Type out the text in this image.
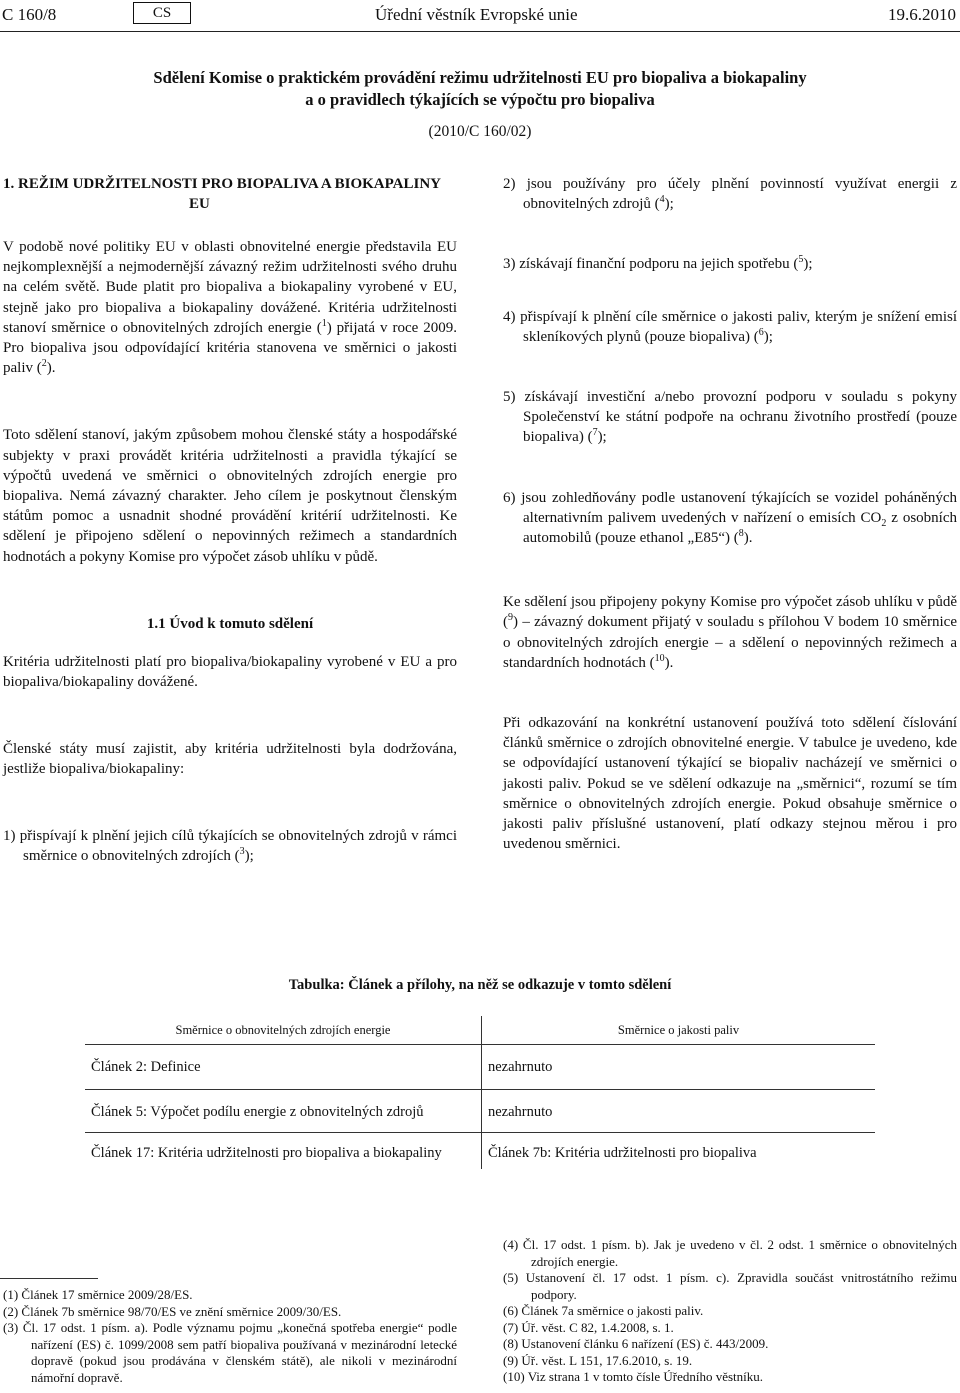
C 160/8	CS	Úřední věstník Evropské unie	19.6.2010
Sdělení Komise o praktickém provádění režimu udržitelnosti EU pro biopaliva a biokapaliny
a o pravidlech týkajících se výpočtu pro biopaliva
(2010/C 160/02)
1. REŽIM UDRŽITELNOSTI PRO BIOPALIVA A BIOKAPALINY
EU

V podobě nové politiky EU v oblasti obnovitelné energie představila EU nejkomplexnější a nejmodernější závazný režim udržitelnosti svého druhu na celém světě. Bude platit pro biopaliva a biokapaliny vyrobené v EU, stejně jako pro biopaliva a biokapaliny dovážené. Kritéria udržitelnosti stanoví směrnice o obnovitelných zdrojích energie ($^1$) přijatá v roce 2009. Pro biopaliva jsou odpovídající kritéria stanovena ve směrnici o jakosti paliv ($^2$).

Toto sdělení stanoví, jakým způsobem mohou členské státy a hospodářské subjekty v praxi provádět kritéria udržitelnosti a pravidla týkající se výpočtů uvedená ve směrnici o obnovitelných zdrojích energie pro biopaliva. Nemá závazný charakter. Jeho cílem je poskytnout členským státům pomoc a usnadnit shodné provádění kritérií udržitelnosti. Ke sdělení je připojeno sdělení o nepovinných režimech a standardních hodnotách a pokyny Komise pro výpočet zásob uhlíku v půdě.

1.1 Úvod k tomuto sdělení

Kritéria udržitelnosti platí pro biopaliva/biokapaliny vyrobené v EU a pro biopaliva/biokapaliny dovážené.

Členské státy musí zajistit, aby kritéria udržitelnosti byla dodržována, jestliže biopaliva/biokapaliny:

1) přispívají k plnění jejich cílů týkajících se obnovitelných zdrojů v rámci směrnice o obnovitelných zdrojích ($^3$);

2) jsou používány pro účely plnění povinností využívat energii z obnovitelných zdrojů ($^4$);

3) získávají finanční podporu na jejich spotřebu ($^5$);

4) přispívají k plnění cíle směrnice o jakosti paliv, kterým je snížení emisí skleníkových plynů (pouze biopaliva) ($^6$);

5) získávají investiční a/nebo provozní podporu v souladu s pokyny Společenství ke státní podpoře na ochranu životního prostředí (pouze biopaliva) ($^7$);

6) jsou zohledňovány podle ustanovení týkajících se vozidel poháněných alternativním palivem uvedených v nařízení o emisích $CO_2$ z osobních automobilů (pouze ethanol „E85“) ($^8$).

Ke sdělení jsou připojeny pokyny Komise pro výpočet zásob uhlíku v půdě ($^9$) – závazný dokument přijatý v souladu s přílohou V bodem 10 směrnice o obnovitelných zdrojích energie – a sdělení o nepovinných režimech a standardních hodnotách ($^{10}$).

Při odkazování na konkrétní ustanovení používá toto sdělení číslování článků směrnice o zdrojích obnovitelné energie. V tabulce je uvedeno, kde se odpovídající ustanovení týkající se biopaliv nacházejí ve směrnici o jakosti paliv. Pokud se ve sdělení odkazuje na „směrnici“, rozumí se tím směrnice o obnovitelných zdrojích energie. Pokud obsahuje směrnice o jakosti paliv příslušné ustanovení, platí odkazy stejnou měrou i pro uvedenou směrnici.

Tabulka: Článek a přílohy, na něž se odkazuje v tomto sdělení
Směrnice o obnovitelných zdrojích energie	Směrnice o jakosti paliv
Článek 2: Definice	nezahrnuto
Článek 5: Výpočet podílu energie z obnovitelných zdrojů	nezahrnuto
Článek 17: Kritéria udržitelnosti pro biopaliva a biokapaliny	Článek 7b: Kritéria udržitelnosti pro biopaliva

(1) Článek 17 směrnice 2009/28/ES.

(2) Článek 7b směrnice 98/70/ES ve znění směrnice 2009/30/ES.

(3) Čl. 17 odst. 1 písm. a). Podle významu pojmu „konečná spotřeba energie“ podle nařízení (ES) č. 1099/2008 sem patří biopaliva používaná v mezinárodní letecké dopravě (pokud jsou prodávána v členském státě), ale nikoli v mezinárodní námořní dopravě.

(4) Čl. 17 odst. 1 písm. b). Jak je uvedeno v čl. 2 odst. 1 směrnice o obnovitelných zdrojích energie.

(5) Ustanovení čl. 17 odst. 1 písm. c). Zpravidla součást vnitrostátního režimu podpory.

(6) Článek 7a směrnice o jakosti paliv.

(7) Úř. věst. C 82, 1.4.2008, s. 1.

(8) Ustanovení článku 6 nařízení (ES) č. 443/2009.

(9) Úř. věst. L 151, 17.6.2010, s. 19.

(10) Viz strana 1 v tomto čísle Úředního věstníku.
